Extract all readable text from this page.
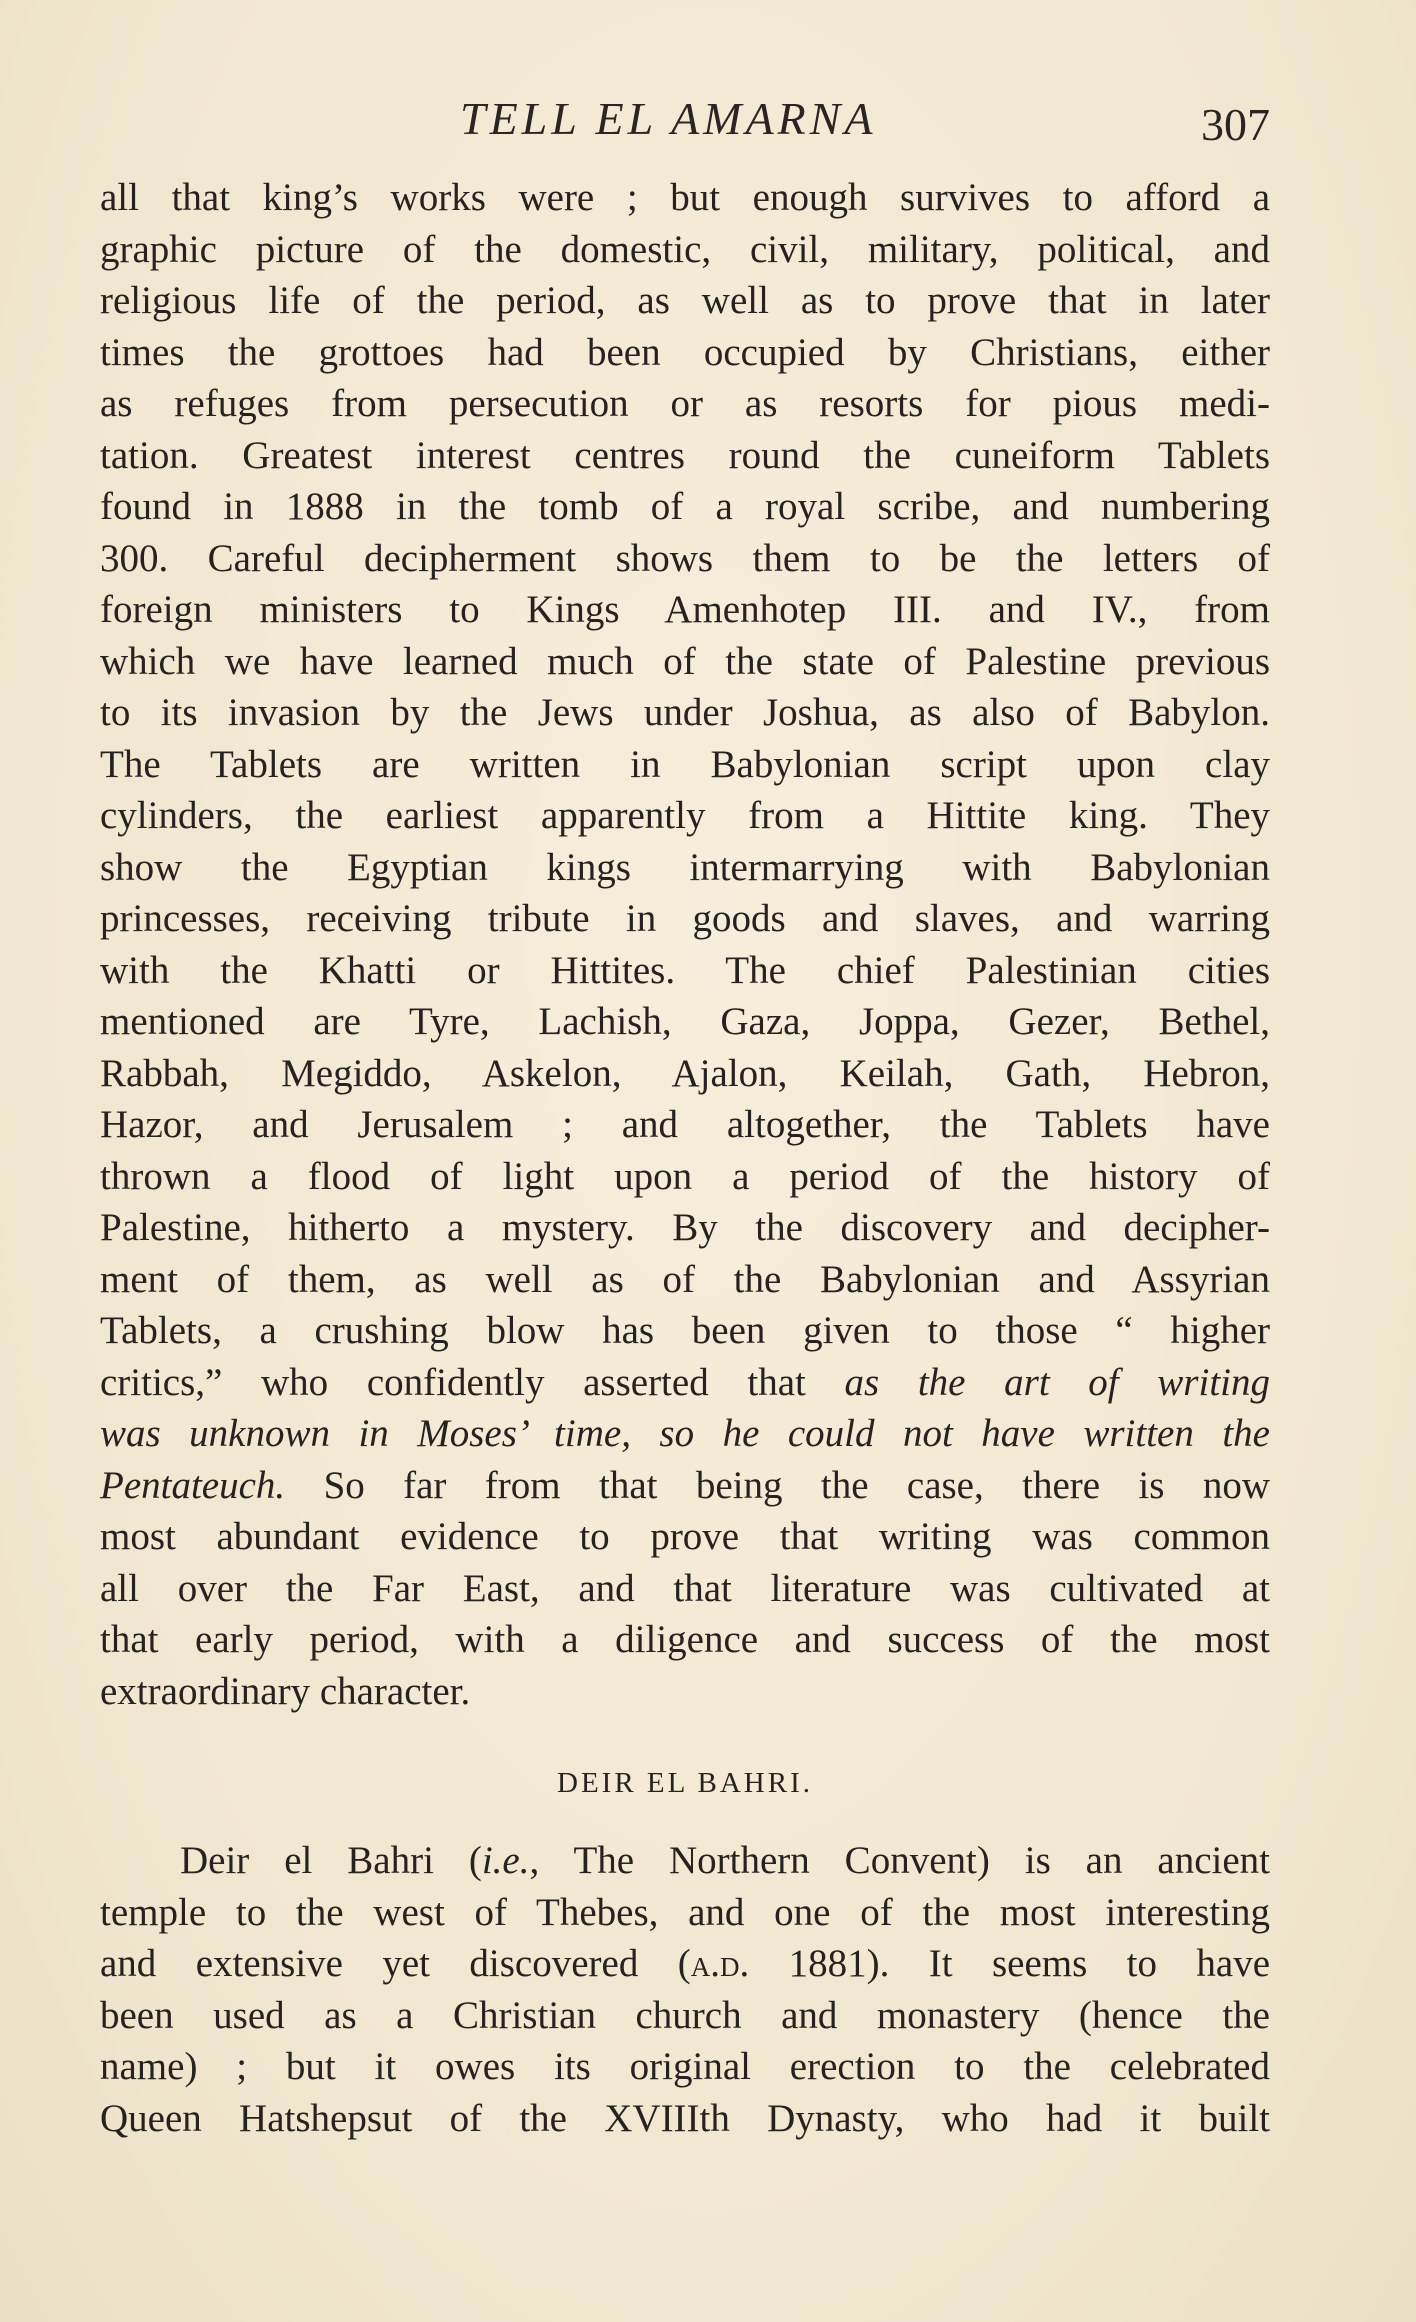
TELL EL AMARNA	307
all that king’s works were ; but enough survives to afford a
graphic picture of the domestic, civil, military, political, and
religious life of the period, as well as to prove that in later
times the grottoes had been occupied by Christians, either
as refuges from persecution or as resorts for pious medi-
tation. Greatest interest centres round the cuneiform Tablets
found in 1888 in the tomb of a royal scribe, and numbering
300. Careful decipherment shows them to be the letters of
foreign ministers to Kings Amenhotep III. and IV., from
which we have learned much of the state of Palestine previous
to its invasion by the Jews under Joshua, as also of Babylon.
The Tablets are written in Babylonian script upon clay
cylinders, the earliest apparently from a Hittite king. They
show the Egyptian kings intermarrying with Babylonian
princesses, receiving tribute in goods and slaves, and warring
with the Khatti or Hittites. The chief Palestinian cities
mentioned are Tyre, Lachish, Gaza, Joppa, Gezer, Bethel,
Rabbah, Megiddo, Askelon, Ajalon, Keilah, Gath, Hebron,
Hazor, and Jerusalem ; and altogether, the Tablets have
thrown a flood of light upon a period of the history of
Palestine, hitherto a mystery. By the discovery and decipher-
ment of them, as well as of the Babylonian and Assyrian
Tablets, a crushing blow has been given to those “ higher
critics,” who confidently asserted that as the art of writing
was unknown in Moses’ time, so he could not have written the
Pentateuch. So far from that being the case, there is now
most abundant evidence to prove that writing was common
all over the Far East, and that literature was cultivated at
that early period, with a diligence and success of the most
extraordinary character.
DEIR EL BAHRI.
Deir el Bahri (i.e., The Northern Convent) is an ancient
temple to the west of Thebes, and one of the most interesting
and extensive yet discovered (a.d. 1881). It seems to have
been used as a Christian church and monastery (hence the
name) ; but it owes its original erection to the celebrated
Queen Hatshepsut of the XVIIIth Dynasty, who had it built
